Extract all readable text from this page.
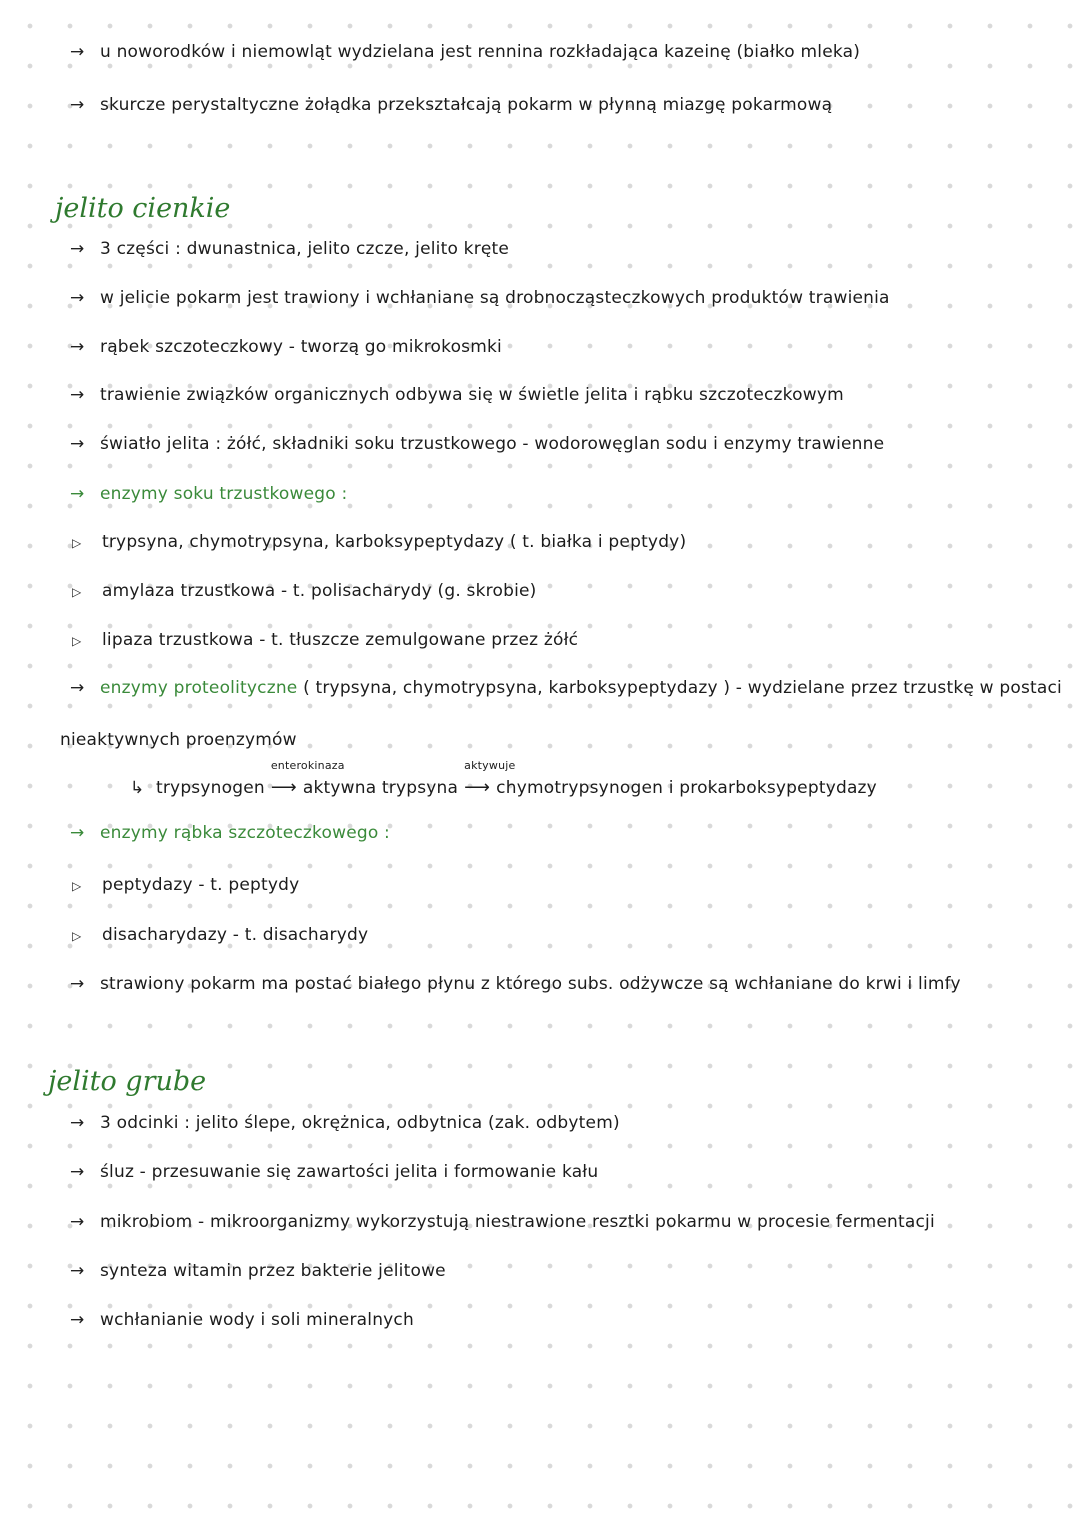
→ u noworodków i niemowląt wydzielana jest rennina rozkładająca kazeinę (białko mleka)
→ skurcze perystaltyczne żołądka przekształcają pokarm w płynną miazgę pokarmową
jelito cienkie
→ 3 części : dwunastnica, jelito czcze, jelito kręte
→ w jelicie pokarm jest trawiony i wchłaniane są drobnocząsteczkowych produktów trawienia
→ rąbek szczoteczkowy - tworzą go mikrokosmki
→ trawienie związków organicznych odbywa się w świetle jelita i rąbku szczoteczkowym
→ światło jelita : żółć, składniki soku trzustkowego - wodorowęglan sodu i enzymy trawienne
→ enzymy soku trzustkowego :
▷ trypsyna, chymotrypsyna, karboksypeptydazy ( t. białka i peptydy)
▷ amylaza trzustkowa - t. polisacharydy (g. skrobie)
▷ lipaza trzustkowa - t. tłuszcze zemulgowane przez żółć
→ enzymy proteolityczne ( trypsyna, chymotrypsyna, karboksypeptydazy ) - wydzielane przez trzustkę w postaci
nieaktywnych proenzymów
↳ trypsynogen
enterokinaza
⟶ aktywna trypsyna
aktywuje
⟶ chymotrypsynogen i prokarboksypeptydazy
→ enzymy rąbka szczoteczkowego :
▷ peptydazy - t. peptydy
▷ disacharydazy - t. disacharydy
→ strawiony pokarm ma postać białego płynu z którego subs. odżywcze są wchłaniane do krwi i limfy
jelito grube
→ 3 odcinki : jelito ślepe, okrężnica, odbytnica (zak. odbytem)
→ śluz - przesuwanie się zawartości jelita i formowanie kału
→ mikrobiom - mikroorganizmy wykorzystują niestrawione resztki pokarmu w procesie fermentacji
→ synteza witamin przez bakterie jelitowe
→ wchłanianie wody i soli mineralnych
